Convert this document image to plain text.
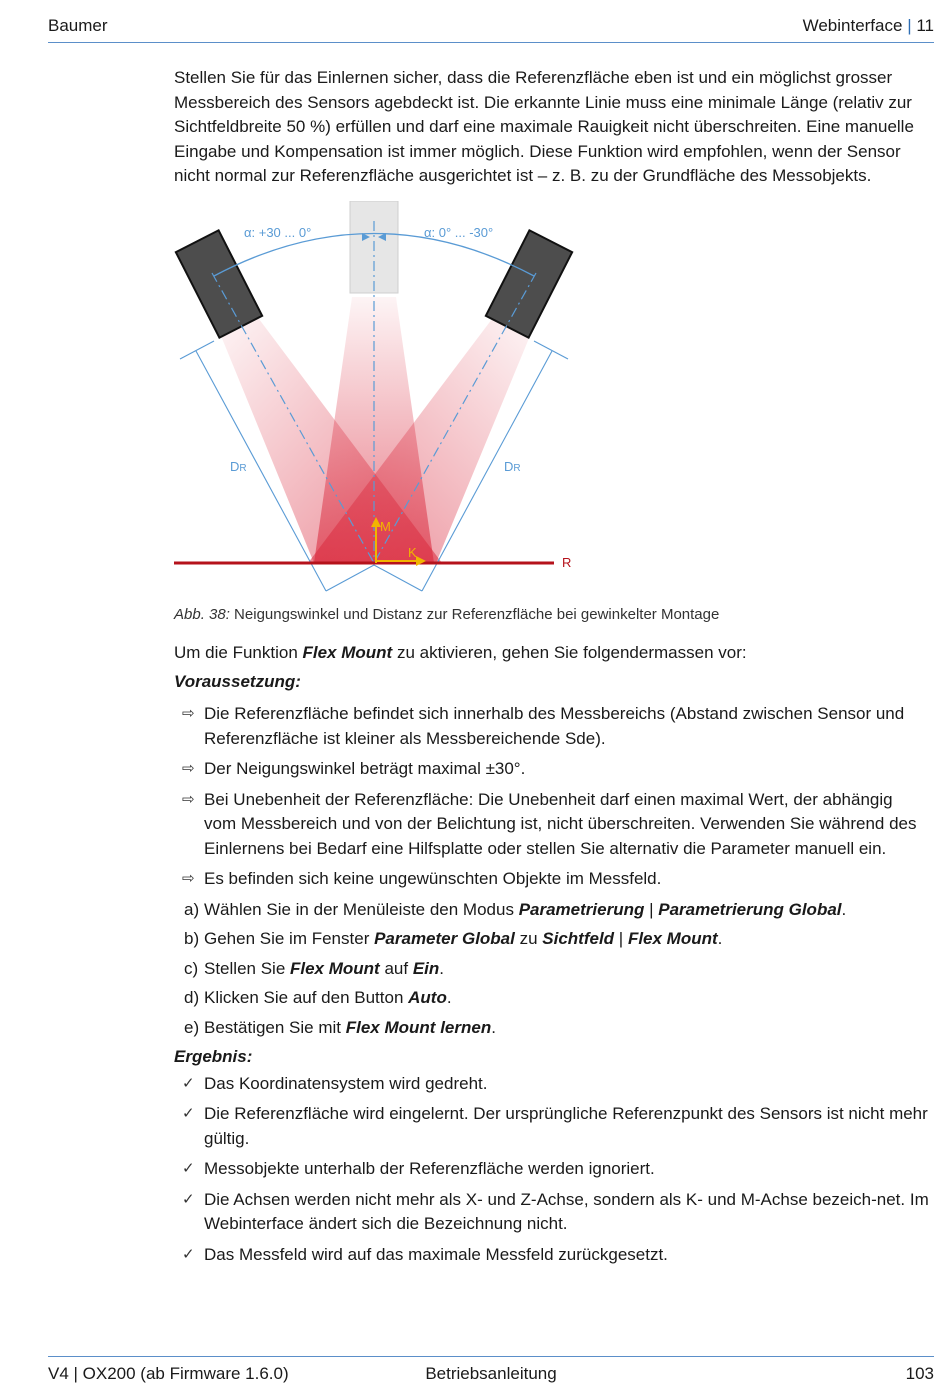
Baumer	Webinterface | 11

Stellen Sie für das Einlernen sicher, dass die Referenzfläche eben ist und ein möglichst grosser Messbereich des Sensors agebdeckt ist. Die erkannte Linie muss eine minimale Länge (relativ zur Sichtfeldbreite 50 %) erfüllen und darf eine maximale Rauigkeit nicht überschreiten. Eine manuelle Eingabe und Kompensation ist immer möglich. Diese Funktion wird empfohlen, wenn der Sensor nicht normal zur Referenzfläche ausgerichtet ist – z. B. zu der Grundfläche des Messobjekts.

α: +30 ... 0°	α: 0° ... -30°
DR	DR
R
M
K
Abb. 38: Neigungswinkel und Distanz zur Referenzfläche bei gewinkelter Montage

Um die Funktion Flex Mount zu aktivieren, gehen Sie folgendermassen vor:

Voraussetzung:
⇨ Die Referenzfläche befindet sich innerhalb des Messbereichs (Abstand zwischen Sensor und Referenzfläche ist kleiner als Messbereichende Sde).
⇨ Der Neigungswinkel beträgt maximal ±30°.
⇨ Bei Unebenheit der Referenzfläche: Die Unebenheit darf einen maximal Wert, der abhängig vom Messbereich und von der Belichtung ist, nicht überschreiten. Verwenden Sie während des Einlernens bei Bedarf eine Hilfsplatte oder stellen Sie alternativ die Parameter manuell ein.
⇨ Es befinden sich keine ungewünschten Objekte im Messfeld.
a) Wählen Sie in der Menüleiste den Modus Parametrierung | Parametrierung Global.
b) Gehen Sie im Fenster Parameter Global zu Sichtfeld | Flex Mount.
c) Stellen Sie Flex Mount auf Ein.
d) Klicken Sie auf den Button Auto.
e) Bestätigen Sie mit Flex Mount lernen.
Ergebnis:
✓ Das Koordinatensystem wird gedreht.
✓ Die Referenzfläche wird eingelernt. Der ursprüngliche Referenzpunkt des Sensors ist nicht mehr gültig.
✓ Messobjekte unterhalb der Referenzfläche werden ignoriert.
✓ Die Achsen werden nicht mehr als X- und Z-Achse, sondern als K- und M-Achse bezeich-net. Im Webinterface ändert sich die Bezeichnung nicht.
✓ Das Messfeld wird auf das maximale Messfeld zurückgesetzt.
V4 | OX200 (ab Firmware 1.6.0)	Betriebsanleitung	103
